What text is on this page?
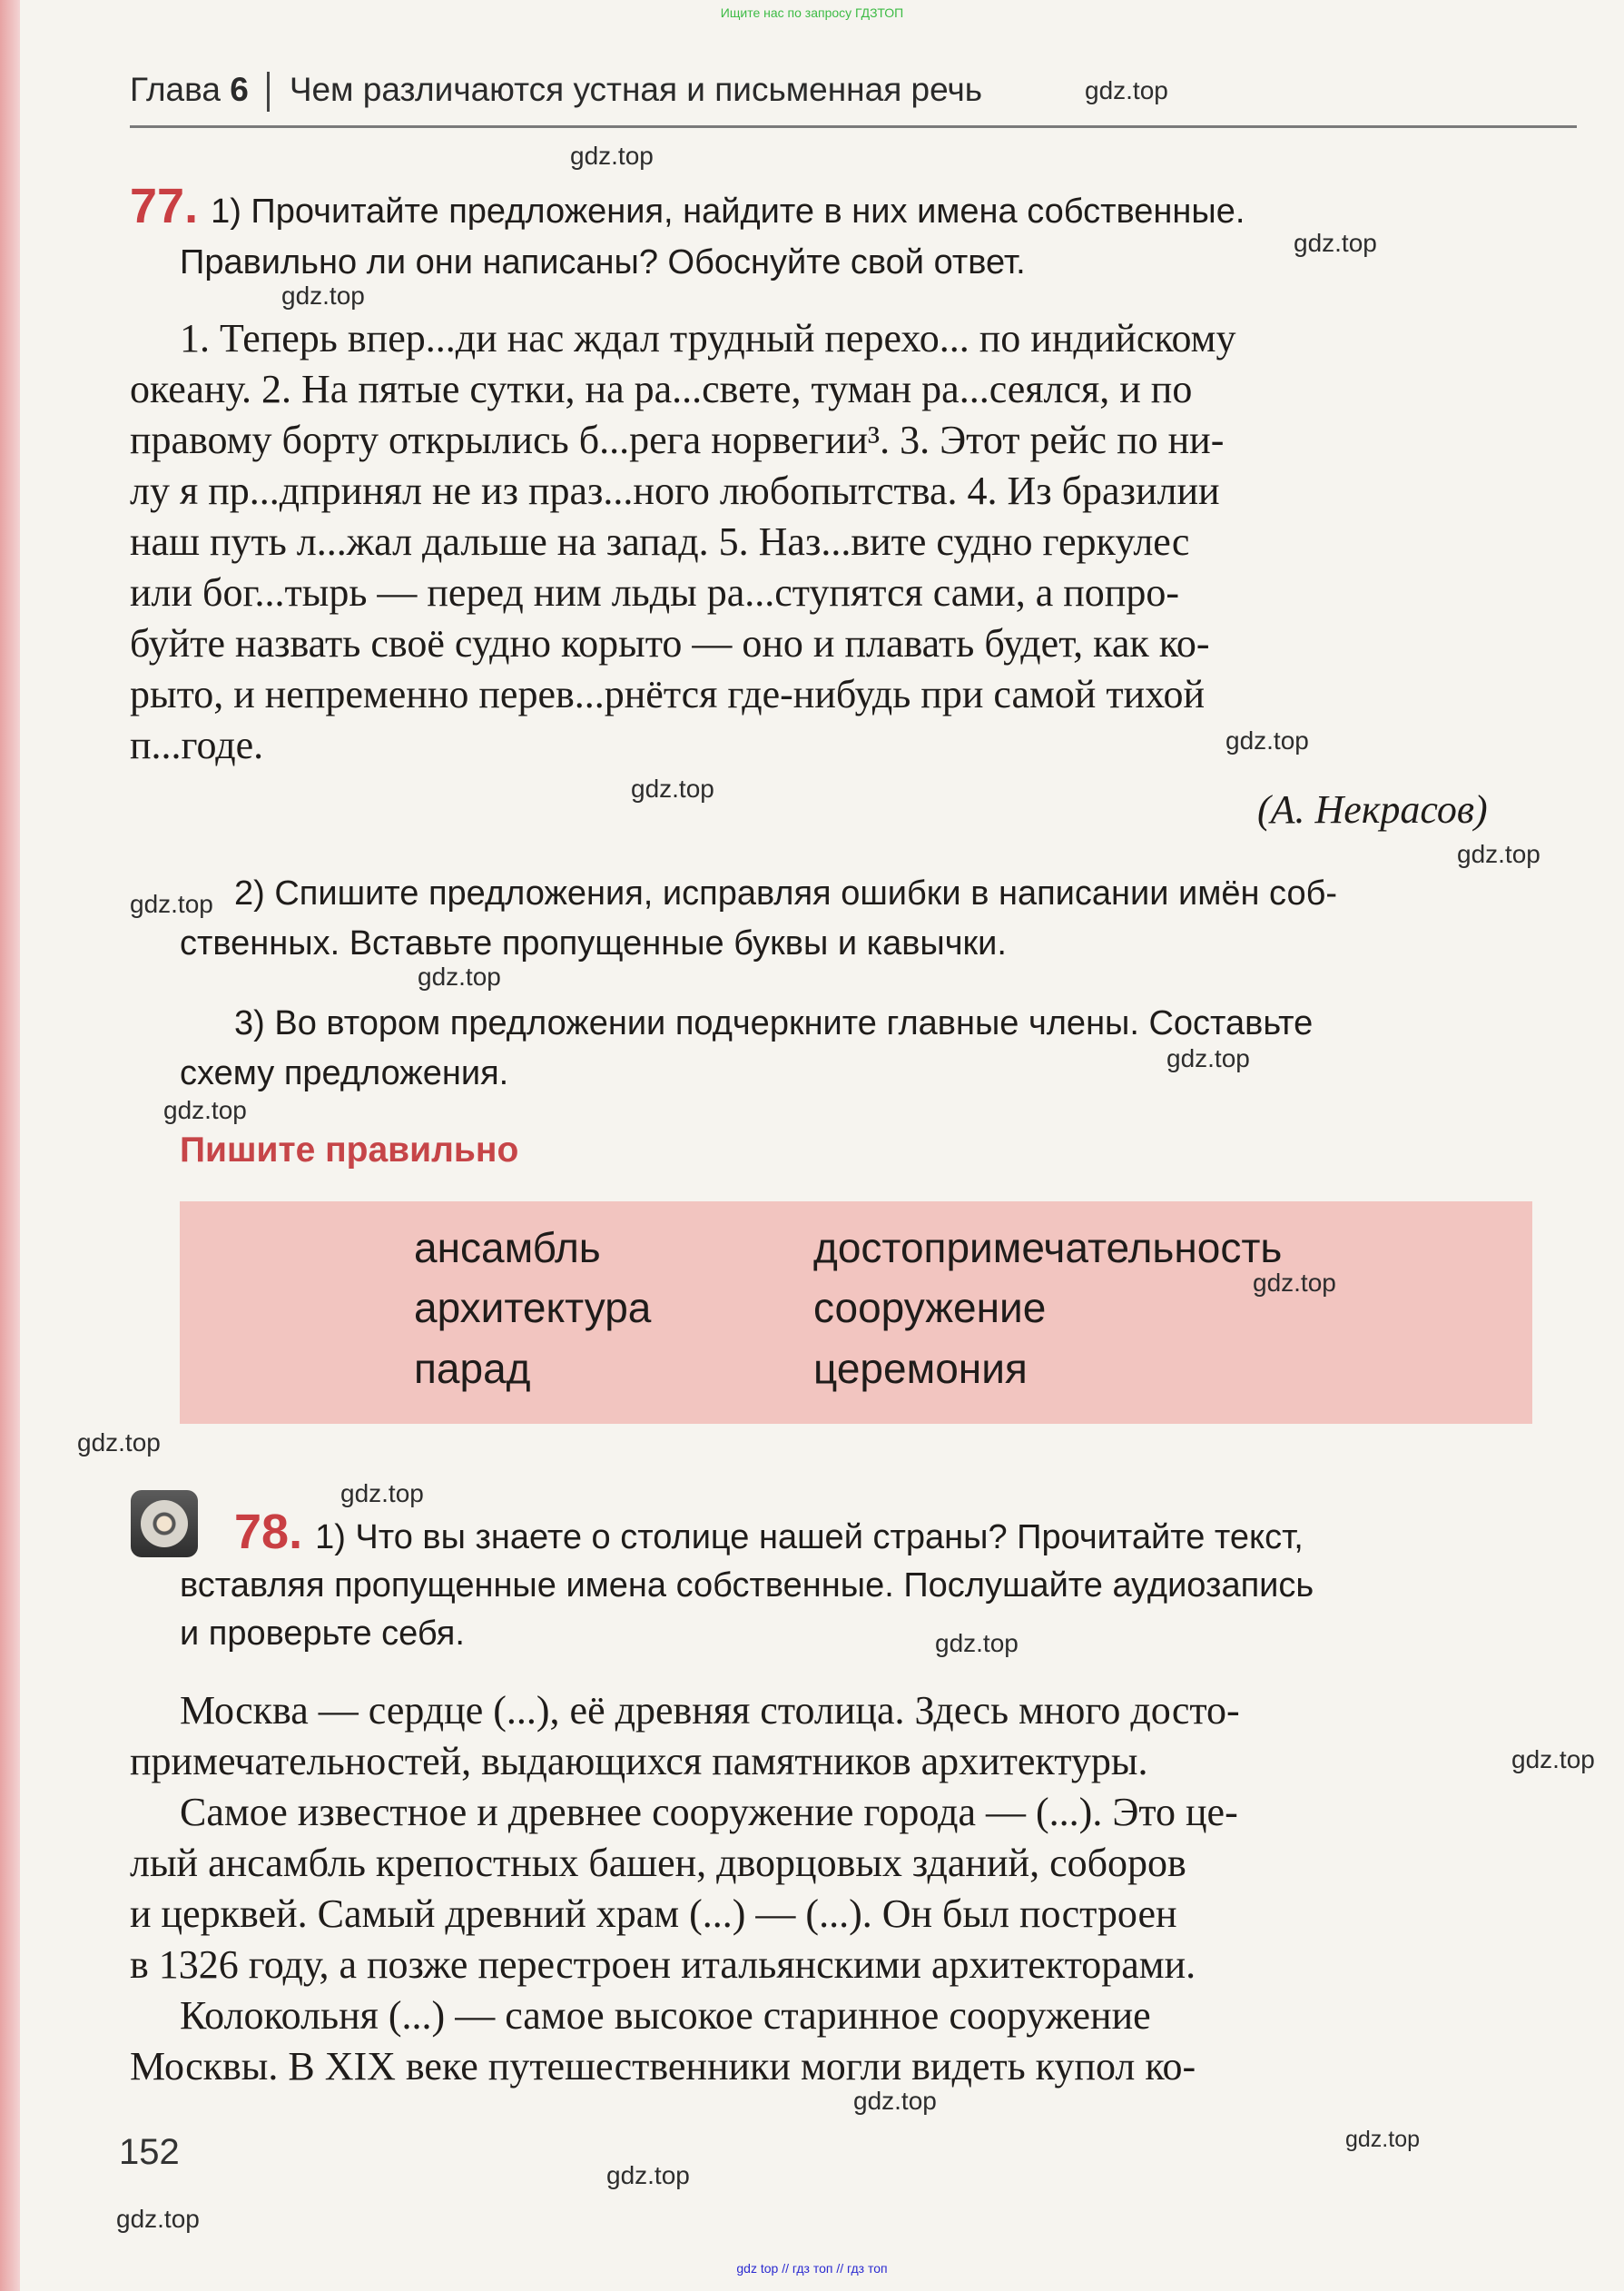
Ищите нас по запросу ГДЗТОП
Глава 6 Чем различаются устная и письменная речь
77. 1) Прочитайте предложения, найдите в них имена собственные.
Правильно ли они написаны? Обоснуйте свой ответ.
1. Теперь впер...ди нас ждал трудный перехо... по индийскому
океану. 2. На пятые сутки, на ра...свете, туман ра...сеялся, и по
правому борту открылись б...рега норвегии³. 3. Этот рейс по ни-
лу я пр...дпринял не из праз...ного любопытства. 4. Из бразилии
наш путь л...жал дальше на запад. 5. Наз...вите судно геркулес
или бог...тырь — перед ним льды ра...ступятся сами, а попро-
буйте назвать своё судно корыто — оно и плавать будет, как ко-
рыто, и непременно перев...рнётся где-нибудь при самой тихой
п...годе.
(А. Некрасов)
2) Спишите предложения, исправляя ошибки в написании имён соб-
ственных. Вставьте пропущенные буквы и кавычки.
3) Во втором предложении подчеркните главные члены. Составьте
схему предложения.
Пишите правильно
ансамбль
архитектура
парад
достопримечательность
сооружение
церемония
78. 1) Что вы знаете о столице нашей страны? Прочитайте текст,
вставляя пропущенные имена собственные. Послушайте аудиозапись
и проверьте себя.
Москва — сердце (...), её древняя столица. Здесь много досто-
примечательностей, выдающихся памятников архитектуры.
Самое известное и древнее сооружение города — (...). Это це-
лый ансамбль крепостных башен, дворцовых зданий, соборов
и церквей. Самый древний храм (...) — (...). Он был построен
в 1326 году, а позже перестроен итальянскими архитекторами.
Колокольня (...) — самое высокое старинное сооружение
Москвы. В XIX веке путешественники могли видеть купол ко-
152
gdz.top
gdz.top
gdz.top
gdz.top
gdz.top
gdz.top
gdz.top
gdz.top
gdz.top
gdz.top
gdz.top
gdz.top
gdz.top
gdz.top
gdz.top
gdz.top
gdz.top
gdz.top
gdz.top
gdz.top
gdz top // гдз топ // гдз топ
